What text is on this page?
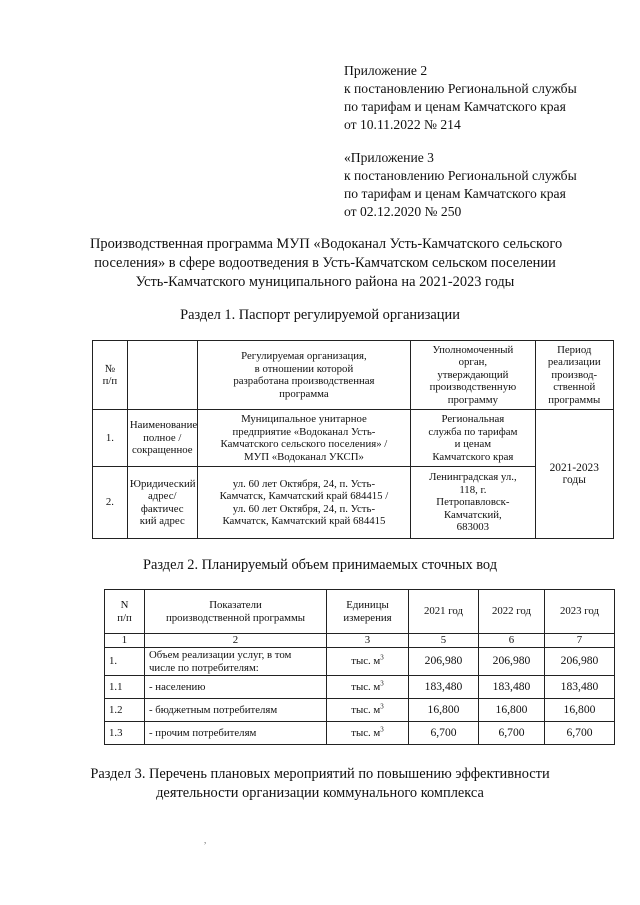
Приложение 2
к постановлению Региональной службы
по тарифам и ценам Камчатского края
от 10.11.2022 № 214
«Приложение 3
к постановлению Региональной службы
по тарифам и ценам Камчатского края
от 02.12.2020 № 250
Производственная программа МУП «Водоканал Усть-Камчатского сельского
поселения» в сфере водоотведения в Усть-Камчатском сельском поселении
Усть-Камчатского муниципального района на 2021-2023 годы
Раздел 1. Паспорт регулируемой организации
№
п/п		Регулируемая организация,
в отношении которой
разработана производственная
программа	Уполномоченный
орган,
утверждающий
производственную
программу	Период
реализации
производ-
ственной
программы
1.	Наименование
полное /
сокращенное	Муниципальное унитарное
предприятие «Водоканал Усть-
Камчатского сельского поселения» /
МУП «Водоканал УКСП»	Региональная
служба по тарифам
и ценам
Камчатского края	2021-2023
годы
2.	Юридический
адрес/фактичес
кий адрес	ул. 60 лет Октября, 24, п. Усть-
Камчатск, Камчатский край 684415 /
ул. 60 лет Октября, 24, п. Усть-
Камчатск, Камчатский край 684415	Ленинградская ул.,
118, г.
Петропавловск-
Камчатский,
683003	
Раздел 2. Планируемый объем принимаемых сточных вод
N
п/п	Показатели
производственной программы	Единицы
измерения	2021 год	2022 год	2023 год
1	2	3	5	6	7
1.	Объем реализации услуг, в том
числе по потребителям:	тыс. $м^3$	206,980	206,980	206,980
1.1	- населению	тыс. $м^3$	183,480	183,480	183,480
1.2	- бюджетным потребителям	тыс. $м^3$	16,800	16,800	16,800
1.3	- прочим потребителям	тыс. $м^3$	6,700	6,700	6,700
Раздел 3. Перечень плановых мероприятий по повышению эффективности
деятельности организации коммунального комплекса
,
